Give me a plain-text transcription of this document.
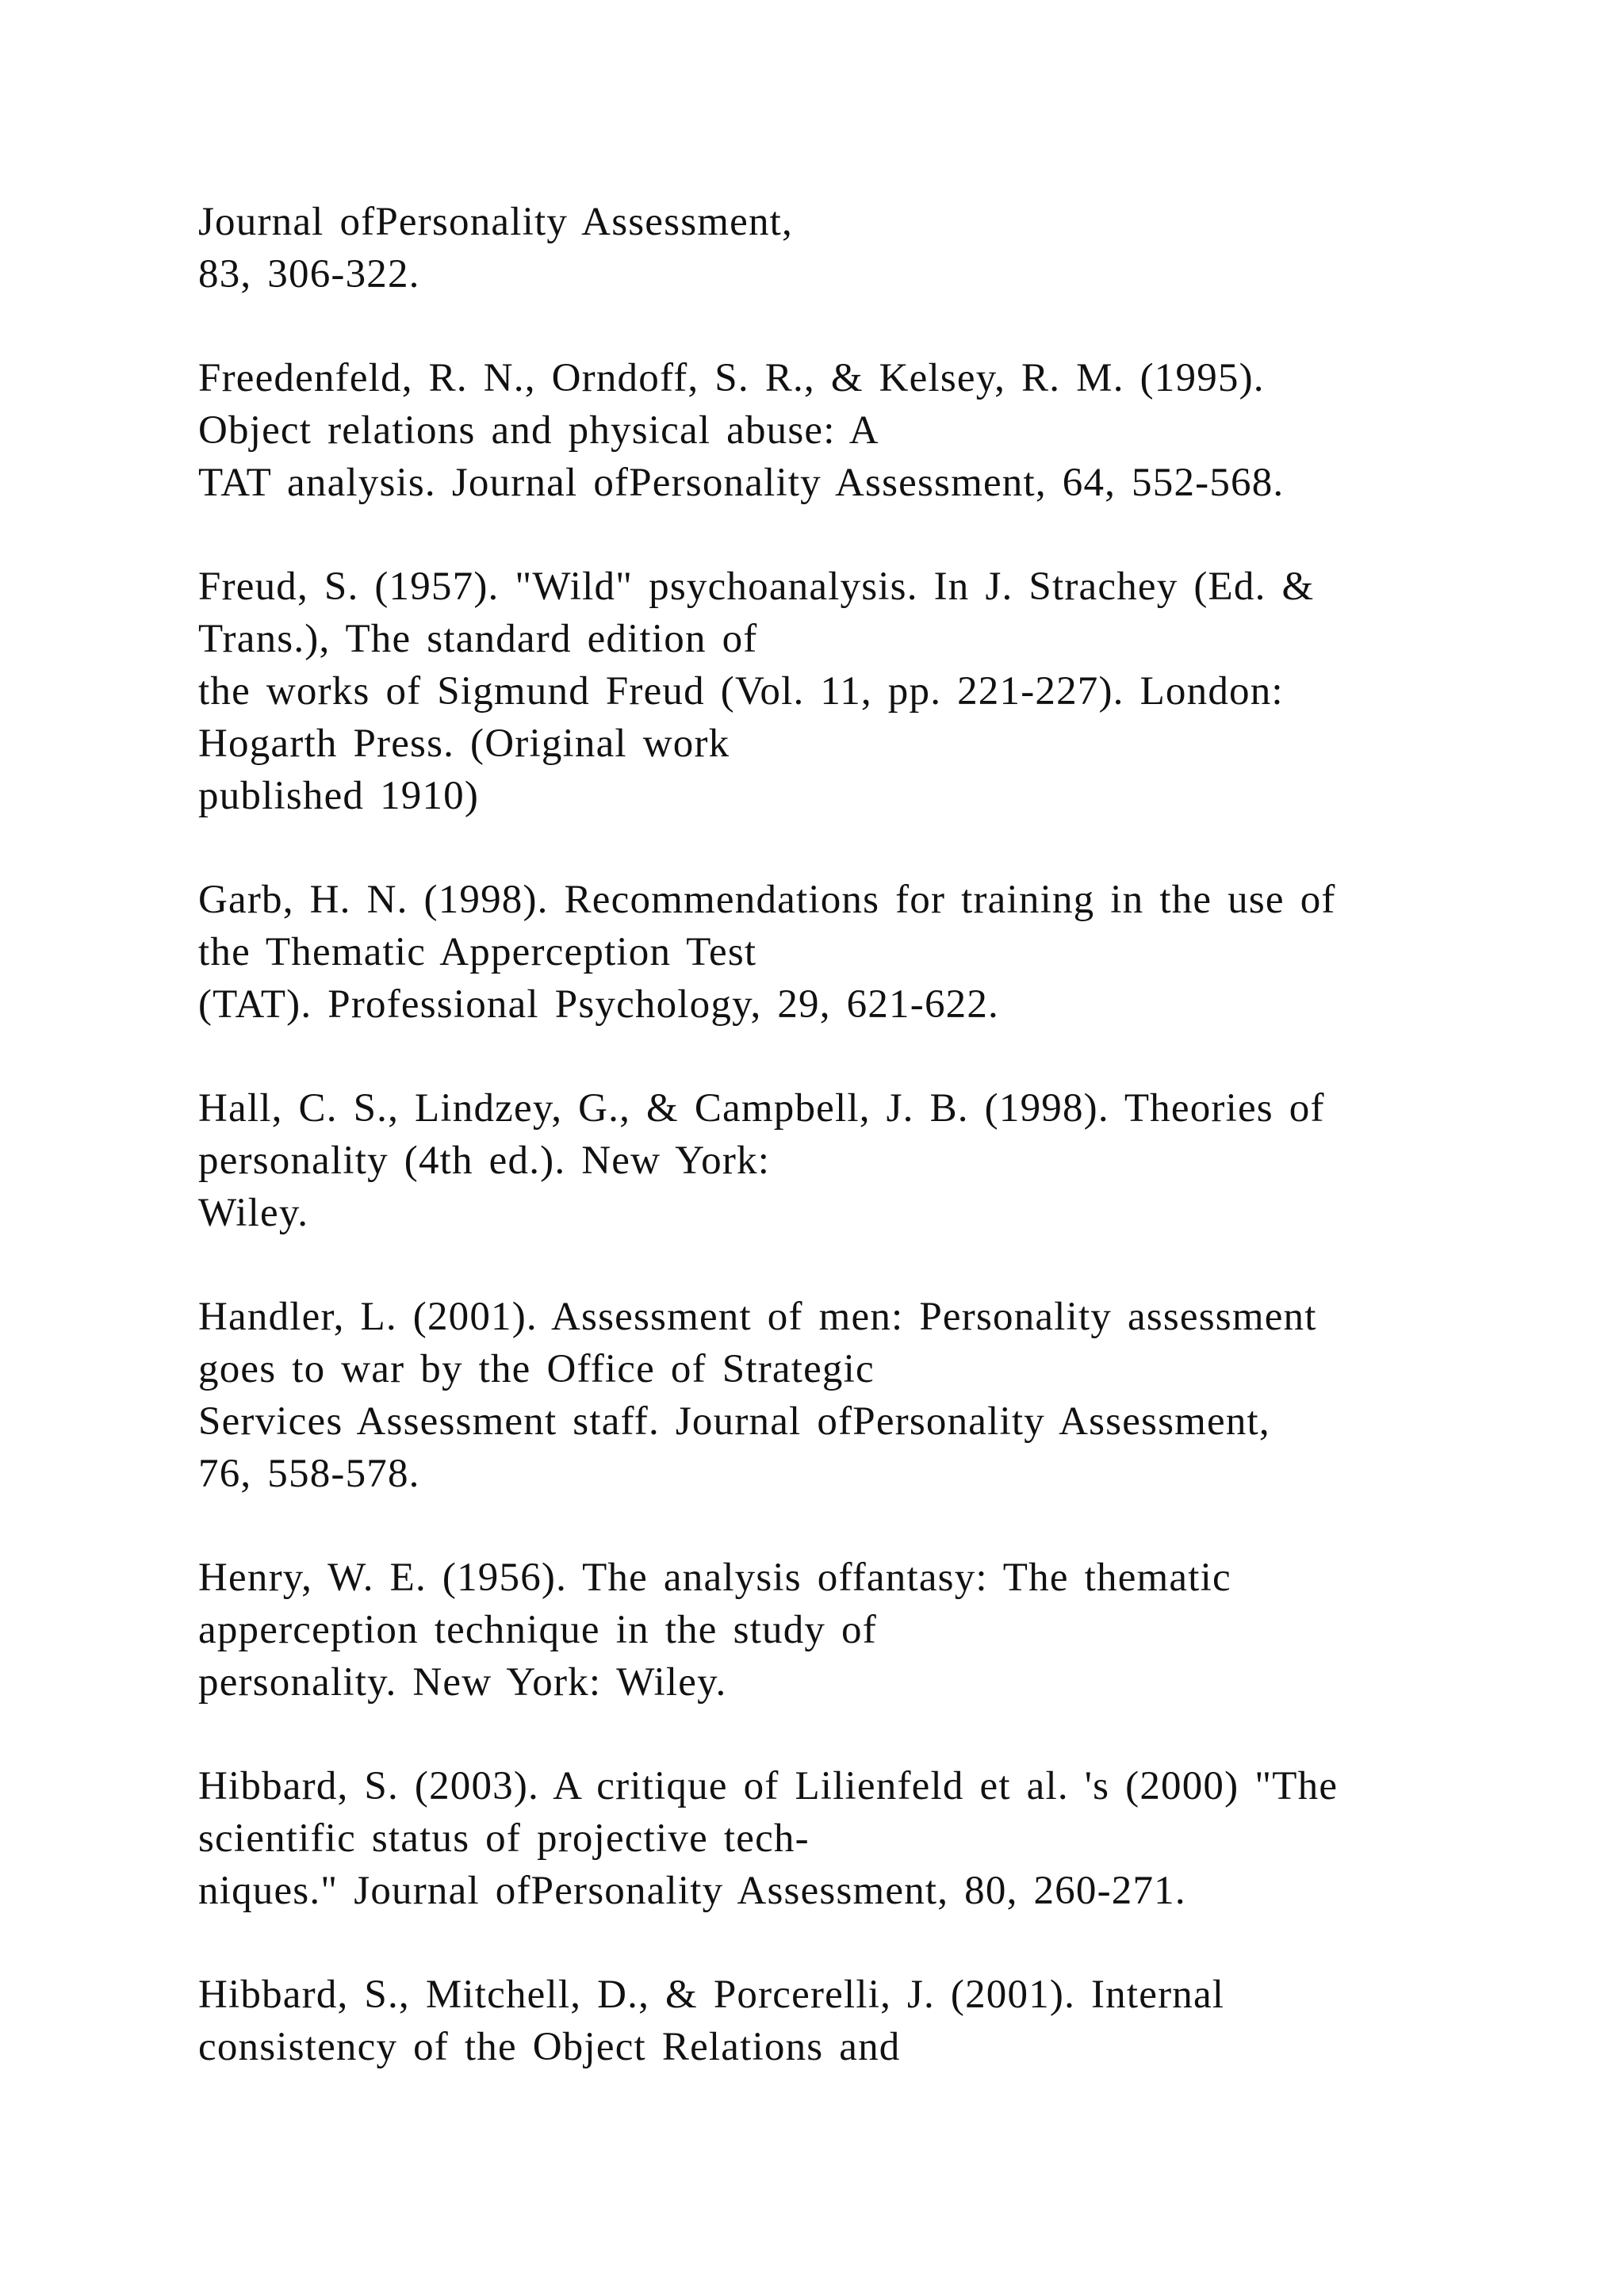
Journal ofPersonality Assessment,
83, 306-322.
Freedenfeld, R. N., Orndoff, S. R., & Kelsey, R. M. (1995).
Object relations and physical abuse: A
TAT analysis. Journal ofPersonality Assessment, 64, 552-568.
Freud, S. (1957). "Wild" psychoanalysis. In J. Strachey (Ed. &
Trans.), The standard edition of
the works of Sigmund Freud (Vol. 11, pp. 221-227). London:
Hogarth Press. (Original work
published 1910)
Garb, H. N. (1998). Recommendations for training in the use of
the Thematic Apperception Test
(TAT). Professional Psychology, 29, 621-622.
Hall, C. S., Lindzey, G., & Campbell, J. B. (1998). Theories of
personality (4th ed.). New York:
Wiley.
Handler, L. (2001). Assessment of men: Personality assessment
goes to war by the Office of Strategic
Services Assessment staff. Journal ofPersonality Assessment,
76, 558-578.
Henry, W. E. (1956). The analysis offantasy: The thematic
apperception technique in the study of
personality. New York: Wiley.
Hibbard, S. (2003). A critique of Lilienfeld et al. 's (2000) "The
scientific status of projective tech-
niques." Journal ofPersonality Assessment, 80, 260-271.
Hibbard, S., Mitchell, D., & Porcerelli, J. (2001). Internal
consistency of the Object Relations and
